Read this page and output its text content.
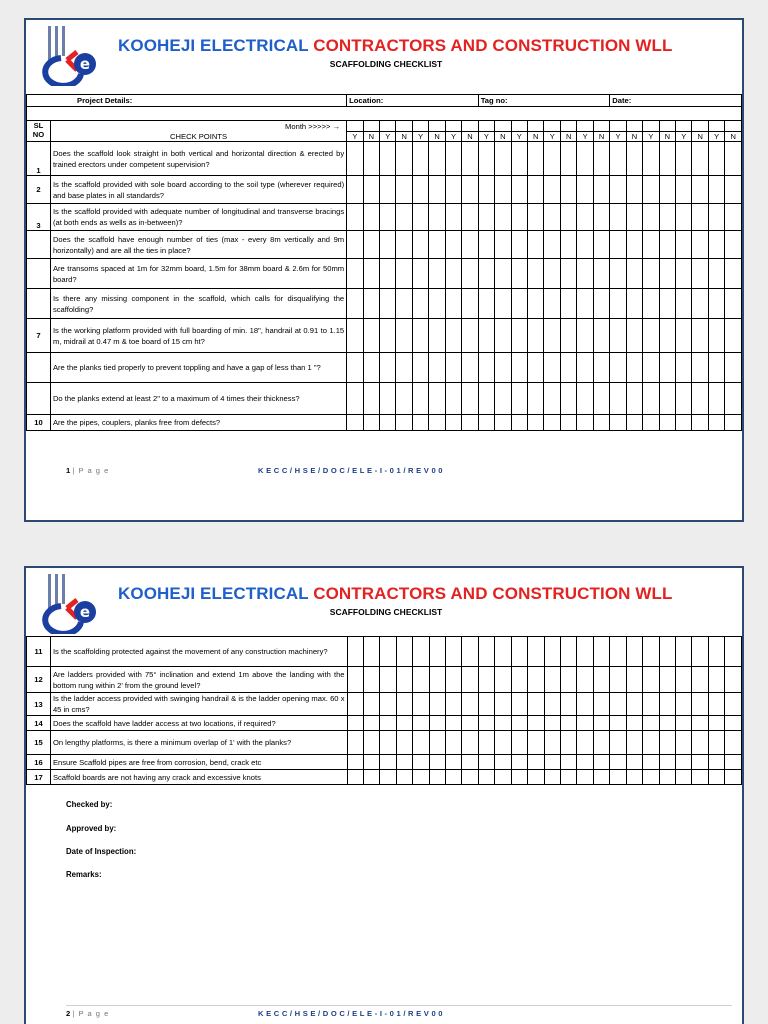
e
KOOHEJI ELECTRICAL CONTRACTORS AND CONSTRUCTION WLL
SCAFFOLDING CHECKLIST
Project Details:		Location:								Tag no:								Date:							

SL
NO	Month >>>>> →																								
	CHECK POINTS	Y	N	Y	N	Y	N	Y	N	Y	N	Y	N	Y	N	Y	N	Y	N	Y	N	Y	N	Y	N
1	Does the scaffold look straight in both vertical and horizontal direction & erected by trained erectors under competent supervision?																								
2	Is the scaffold provided with sole board according to the soil type (wherever required) and base plates in all standards?																								
3	Is the scaffold provided with adequate number of longitudinal and transverse bracings (at both ends as wells as in-between)?																								
	Does the scaffold have enough number of ties (max - every 8m vertically and 9m horizontally) and are all the ties in place?																								
	Are transoms spaced at 1m for 32mm board, 1.5m for 38mm board & 2.6m for 50mm board?																								
	Is there any missing component in the scaffold, which calls for disqualifying the scaffolding?																								
7	Is the working platform provided with full boarding of min. 18", handrail at 0.91 to 1.15 m, midrail at 0.47 m & toe board of 15 cm ht?																								
	Are the planks tied properly to prevent toppling and have a gap of less than 1 "?																								
	Do the planks extend at least 2" to a maximum of 4 times their thickness?																								
10	Are the pipes, couplers, planks free from defects?																								
1 | P a g e	KECC/HSE/DOC/ELE-I-01/REV00
e
KOOHEJI ELECTRICAL CONTRACTORS AND CONSTRUCTION WLL
SCAFFOLDING CHECKLIST
11	Is the scaffolding protected against the movement of any construction machinery?																								
12	Are ladders provided with 75° inclination and extend 1m above the landing with the bottom rung within 2' from the ground level?																								
13	Is the ladder access provided with swinging handrail & is the ladder opening max. 60 x 45 in cms?																								
14	Does the scaffold have ladder access at two locations, if required?																								
15	On lengthy platforms, is there a minimum overlap of 1' with the planks?																								
16	Ensure Scaffold pipes are free from corrosion, bend, crack etc																								
17	Scaffold boards are not having any crack and excessive knots																								
Checked by:
Approved by:
Date of Inspection:
Remarks:
2 | P a g e	KECC/HSE/DOC/ELE-I-01/REV00
